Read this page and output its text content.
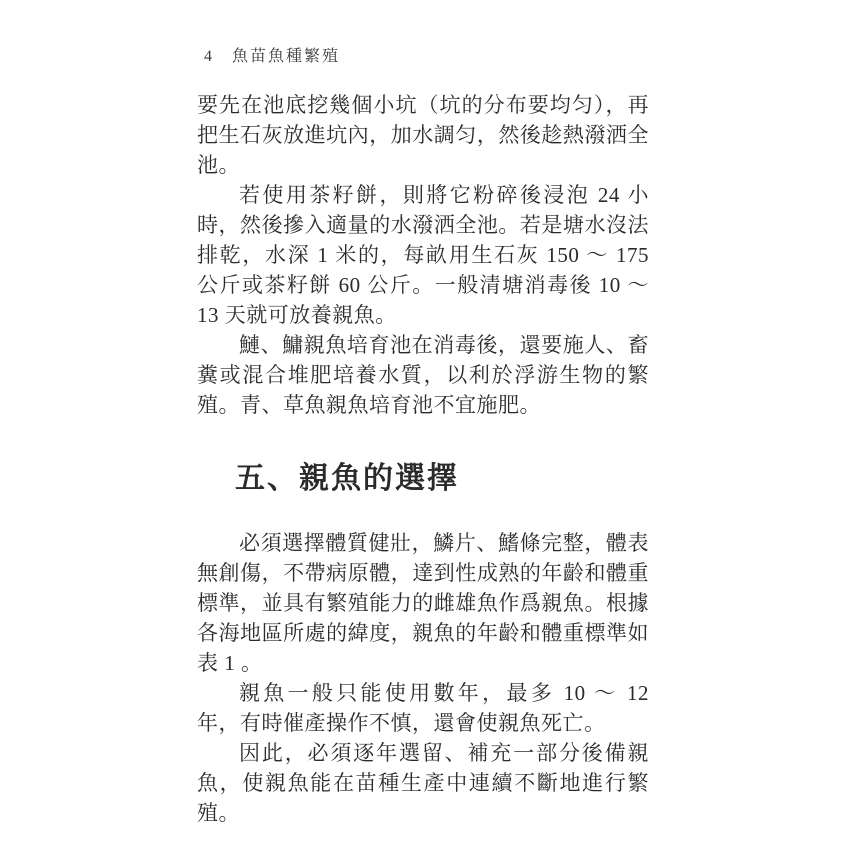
4 魚苗魚種繁殖

要先在池底挖幾個小坑（坑的分布要均匀），再把生石灰放進坑內，加水調匀，然後趁熱潑洒全池。

若使用茶籽餅，則將它粉碎後浸泡 24 小時，然後摻入適量的水潑洒全池。若是塘水沒法排乾，水深 1 米的，每畝用生石灰 150 ～ 175 公斤或茶籽餅 60 公斤。一般清塘消毒後 10 ～ 13 天就可放養親魚。

鰱、鱅親魚培育池在消毒後，還要施人、畜糞或混合堆肥培養水質，以利於浮游生物的繁殖。青、草魚親魚培育池不宜施肥。

五、親魚的選擇

必須選擇體質健壯，鱗片、鰭條完整，體表無創傷，不帶病原體，達到性成熟的年齡和體重標準，並具有繁殖能力的雌雄魚作爲親魚。根據各海地區所處的緯度，親魚的年齡和體重標準如表 1 。

親魚一般只能使用數年，最多 10 ～ 12 年，有時催產操作不慎，還會使親魚死亡。

因此，必須逐年選留、補充一部分後備親魚，使親魚能在苗種生產中連續不斷地進行繁殖。
